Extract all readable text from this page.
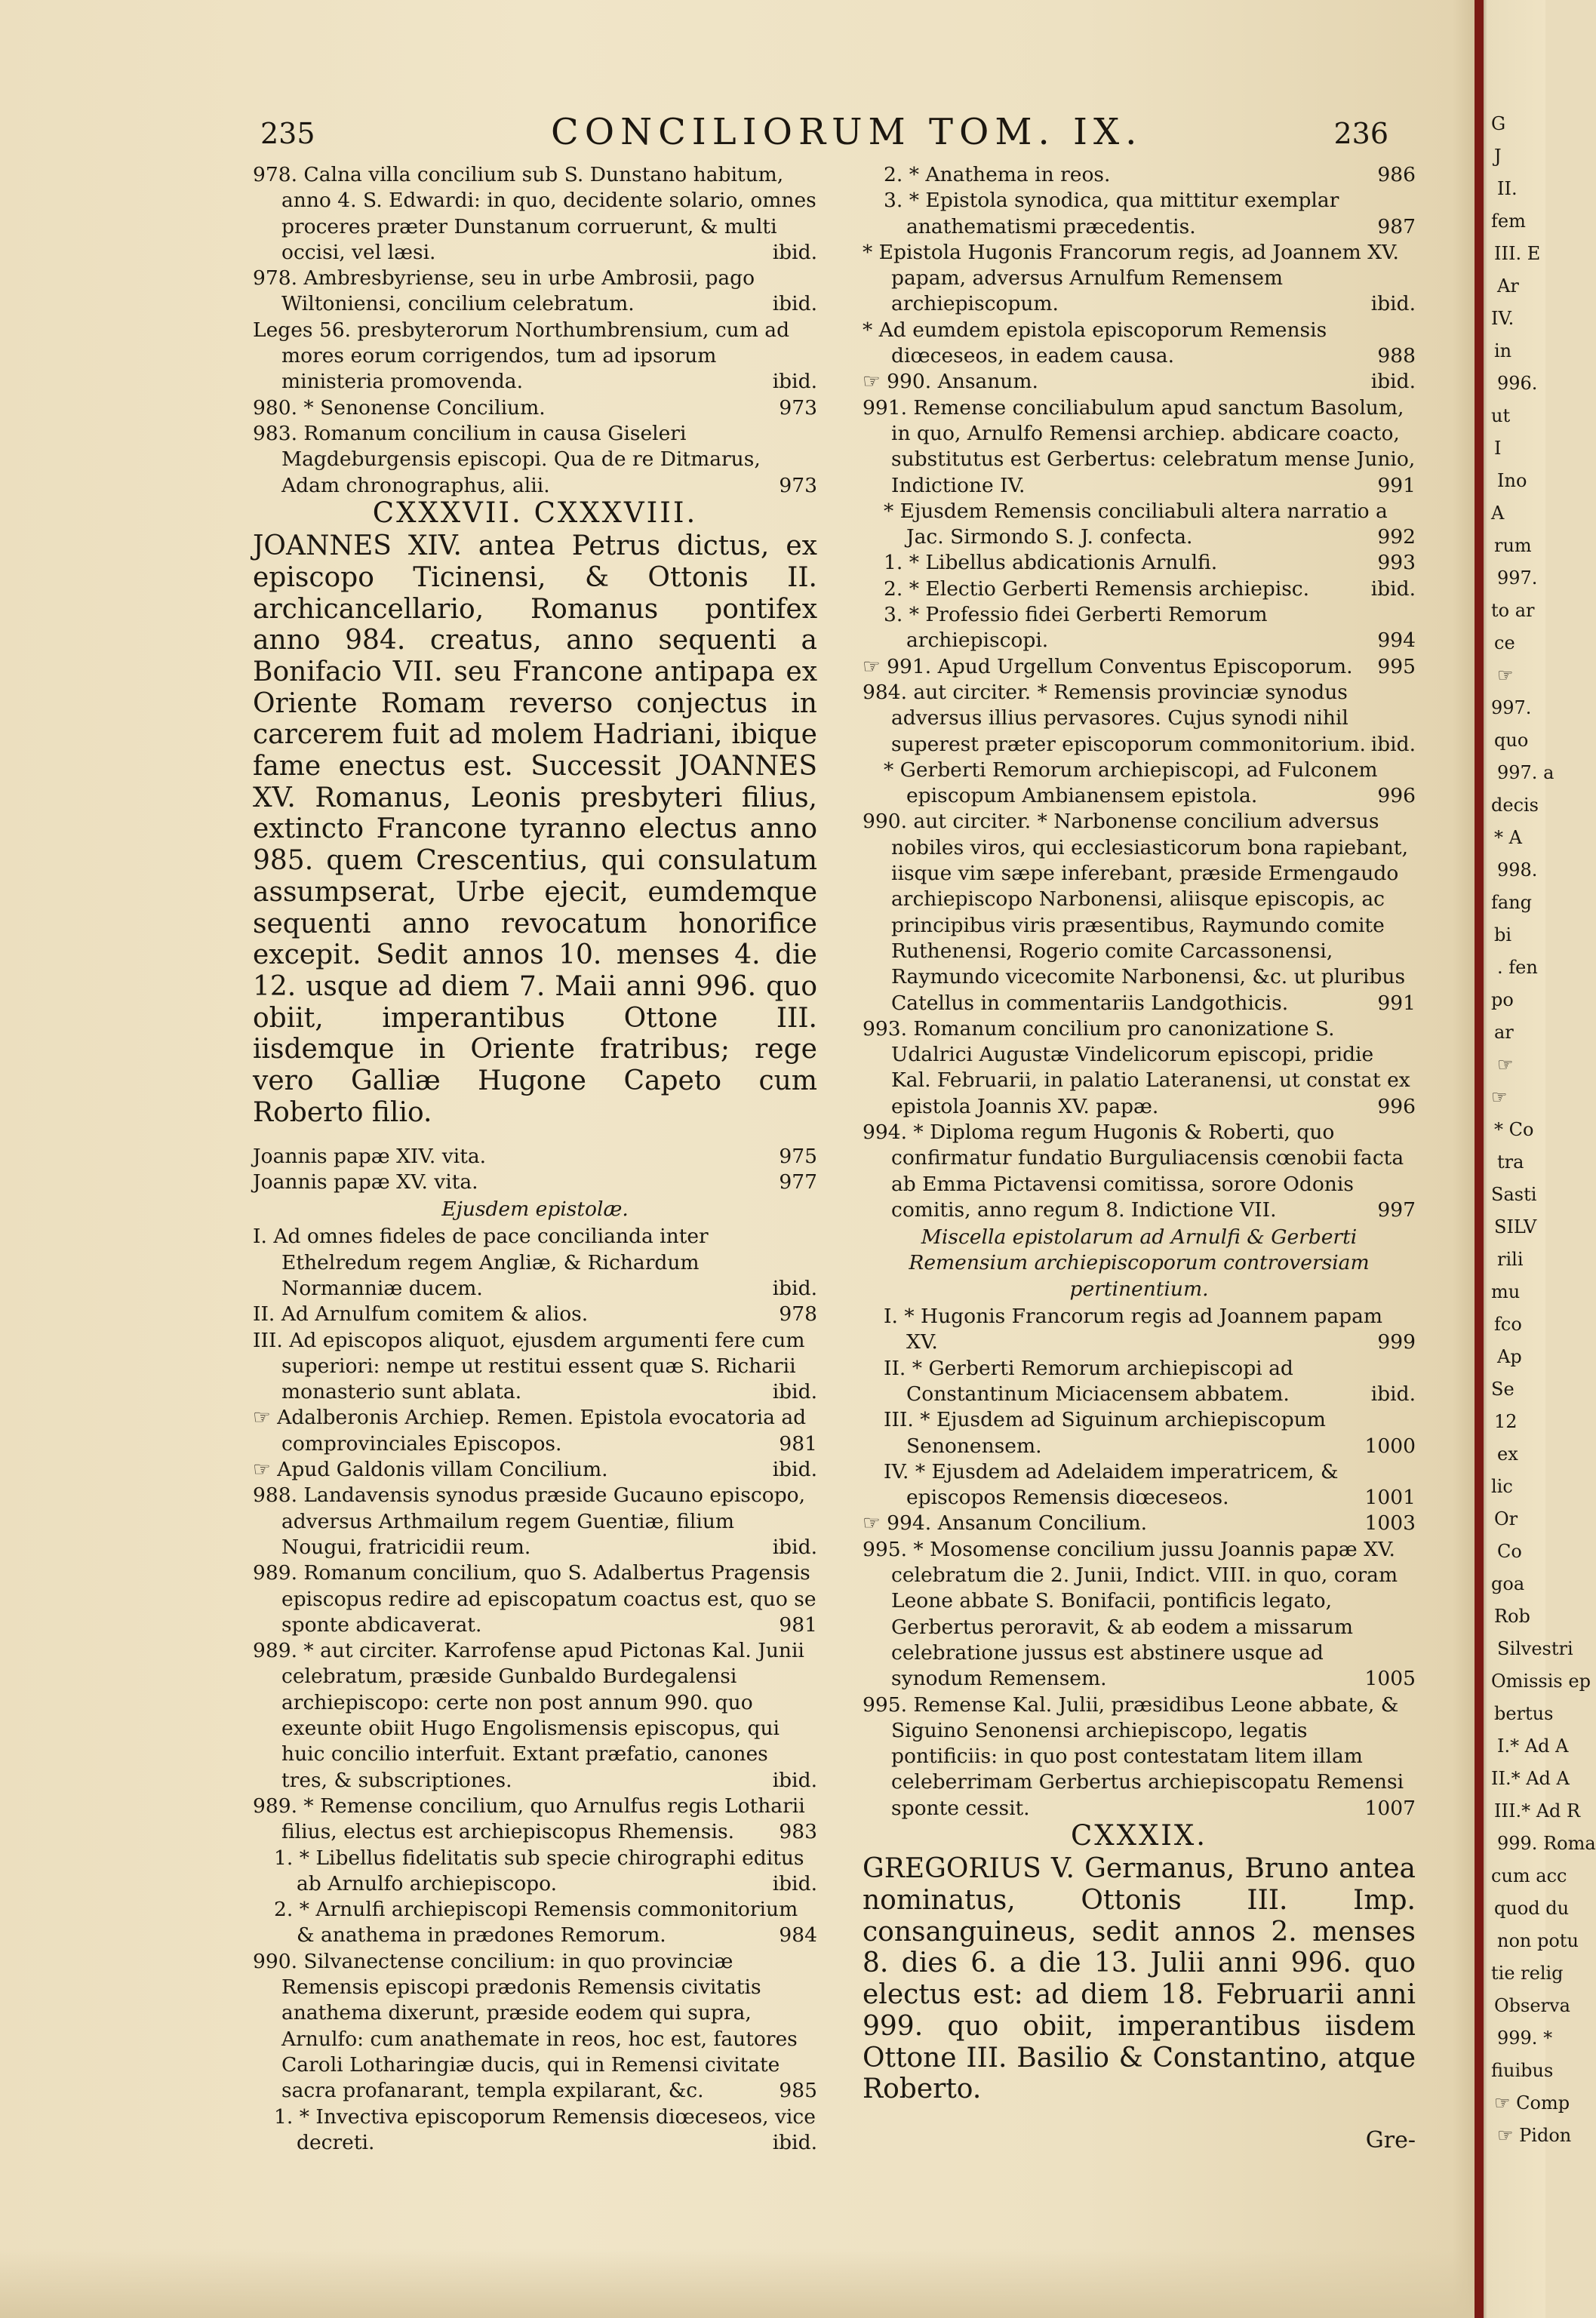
235	CONCILIORUM TOM. IX.	236

978. Calna villa concilium sub S. Dunstano habitum, anno 4. S. Edwardi: in quo, decidente solario, omnes proceres præter Dunstanum corruerunt, & multi occisi, vel læsi.	ibid.

978. Ambresbyriense, seu in urbe Ambrosii, pago Wiltoniensi, concilium celebratum.	ibid.

Leges 56. presbyterorum Northumbrensium, cum ad mores eorum corrigendos, tum ad ipsorum ministeria promovenda.	ibid.

980. * Senonense Concilium.	973

983. Romanum concilium in causa Giseleri Magdeburgensis episcopi. Qua de re Ditmarus, Adam chronographus, alii.	973

CXXXVII. CXXXVIII.

JOANNES XIV. antea Petrus dictus, ex episcopo Ticinensi, & Ottonis II. archicancellario, Romanus pontifex anno 984. creatus, anno sequenti a Bonifacio VII. seu Francone antipapa ex Oriente Romam reverso conjectus in carcerem fuit ad molem Hadriani, ibique fame enectus est. Successit JOANNES XV. Romanus, Leonis presbyteri filius, extincto Francone tyranno electus anno 985. quem Crescentius, qui consulatum assumpserat, Urbe ejecit, eumdemque sequenti anno revocatum honorifice excepit. Sedit annos 10. menses 4. die 12. usque ad diem 7. Maii anni 996. quo obiit, imperantibus Ottone III. iisdemque in Oriente fratribus; rege vero Galliæ Hugone Capeto cum Roberto filio.

Joannis papæ XIV. vita.	975

Joannis papæ XV. vita.	977

Ejusdem epistolæ.

I. Ad omnes fideles de pace concilianda inter Ethelredum regem Angliæ, & Richardum Normanniæ ducem.	ibid.

II. Ad Arnulfum comitem & alios.	978

III. Ad episcopos aliquot, ejusdem argumenti fere cum superiori: nempe ut restitui essent quæ S. Richarii monasterio sunt ablata.	ibid.

☞ Adalberonis Archiep. Remen. Epistola evocatoria ad comprovinciales Episcopos.	981

☞ Apud Galdonis villam Concilium.	ibid.

988. Landavensis synodus præside Gucauno episcopo, adversus Arthmailum regem Guentiæ, filium Nougui, fratricidii reum.	ibid.

989. Romanum concilium, quo S. Adalbertus Pragensis episcopus redire ad episcopatum coactus est, quo se sponte abdicaverat.	981

989. * aut circiter. Karrofense apud Pictonas Kal. Junii celebratum, præside Gunbaldo Burdegalensi archiepiscopo: certe non post annum 990. quo exeunte obiit Hugo Engolismensis episcopus, qui huic concilio interfuit. Extant præfatio, canones tres, & subscriptiones.	ibid.

989. * Remense concilium, quo Arnulfus regis Lotharii filius, electus est archiepiscopus Rhemensis. 983

1. * Libellus fidelitatis sub specie chirographi editus ab Arnulfo archiepiscopo.	ibid.

2. * Arnulfi archiepiscopi Remensis commonitorium & anathema in prædones Remorum.	984

990. Silvanectense concilium: in quo provinciæ Remensis episcopi prædonis Remensis civitatis anathema dixerunt, præside eodem qui supra, Arnulfo: cum anathemate in reos, hoc est, fautores Caroli Lotharingiæ ducis, qui in Remensi civitate sacra profanarant, templa expilarant, &c.	985

1. * Invectiva episcoporum Remensis diœceseos, vice decreti.	ibid.

2. * Anathema in reos.	986

3. * Epistola synodica, qua mittitur exemplar anathematismi præcedentis.	987

* Epistola Hugonis Francorum regis, ad Joannem XV. papam, adversus Arnulfum Remensem archiepiscopum.	ibid.

* Ad eumdem epistola episcoporum Remensis diœceseos, in eadem causa.	988

☞ 990. Ansanum.	ibid.

991. Remense conciliabulum apud sanctum Basolum, in quo, Arnulfo Remensi archiep. abdicare coacto, substitutus est Gerbertus: celebratum mense Junio, Indictione IV.	991

* Ejusdem Remensis conciliabuli altera narratio a Jac. Sirmondo S. J. confecta.	992

1. * Libellus abdicationis Arnulfi.	993

2. * Electio Gerberti Remensis archiepisc.	ibid.

3. * Professio fidei Gerberti Remorum archiepiscopi.	994

☞ 991. Apud Urgellum Conventus Episcoporum. 995

984. aut circiter. * Remensis provinciæ synodus adversus illius pervasores. Cujus synodi nihil superest præter episcoporum commonitorium. ibid.

* Gerberti Remorum archiepiscopi, ad Fulconem episcopum Ambianensem epistola.	996

990. aut circiter. * Narbonense concilium adversus nobiles viros, qui ecclesiasticorum bona rapiebant, iisque vim sæpe inferebant, præside Ermengaudo archiepiscopo Narbonensi, aliisque episcopis, ac principibus viris præsentibus, Raymundo comite Ruthenensi, Rogerio comite Carcassonensi, Raymundo vicecomite Narbonensi, &c. ut pluribus Catellus in commentariis Landgothicis.	991

993. Romanum concilium pro canonizatione S. Udalrici Augustæ Vindelicorum episcopi, pridie Kal. Februarii, in palatio Lateranensi, ut constat ex epistola Joannis XV. papæ.	996

994. * Diploma regum Hugonis & Roberti, quo confirmatur fundatio Burguliacensis cœnobii facta ab Emma Pictavensi comitissa, sorore Odonis comitis, anno regum 8. Indictione VII.	997

Miscella epistolarum ad Arnulfi & Gerberti Remensium archiepiscoporum controversiam pertinentium.

I. * Hugonis Francorum regis ad Joannem papam XV.	999

II. * Gerberti Remorum archiepiscopi ad Constantinum Miciacensem abbatem.	ibid.

III. * Ejusdem ad Siguinum archiepiscopum Senonensem.	1000

IV. * Ejusdem ad Adelaidem imperatricem, & episcopos Remensis diœceseos.	1001

☞ 994. Ansanum Concilium.	1003

995. * Mosomense concilium jussu Joannis papæ XV. celebratum die 2. Junii, Indict. VIII. in quo, coram Leone abbate S. Bonifacii, pontificis legato, Gerbertus peroravit, & ab eodem a missarum celebratione jussus est abstinere usque ad synodum Remensem.	1005

995. Remense Kal. Julii, præsidibus Leone abbate, & Siguino Senonensi archiepiscopo, legatis pontificiis: in quo post contestatam litem illam celeberrimam Gerbertus archiepiscopatu Remensi sponte cessit.	1007

CXXXIX.

GREGORIUS V. Germanus, Bruno antea nominatus, Ottonis III. Imp. consanguineus, sedit annos 2. menses 8. dies 6. a die 13. Julii anni 996. quo electus est: ad diem 18. Februarii anni 999. quo obiit, imperantibus iisdem Ottone III. Basilio & Constantino, atque Roberto.

Gre-
G
J
II.
fem
III. E
Ar
IV.
in
996.
ut
I
Ino
A
rum
997.
to ar
ce
☞
997.
quo
997. a
decis
* A
998.
fang
bi
. fen
po
ar
☞
☞
* Co
tra
Sasti
SILV
rili
mu
fco
Ap
Se
12
ex
lic
Or
Co
goa
Rob
Silvestri
Omissis ep
bertus
I.* Ad A
II.* Ad A
III.* Ad R
999. Roma
cum acc
quod du
non potu
tie relig
Observa
999. *
fiuibus
☞ Comp
☞ Pidon
